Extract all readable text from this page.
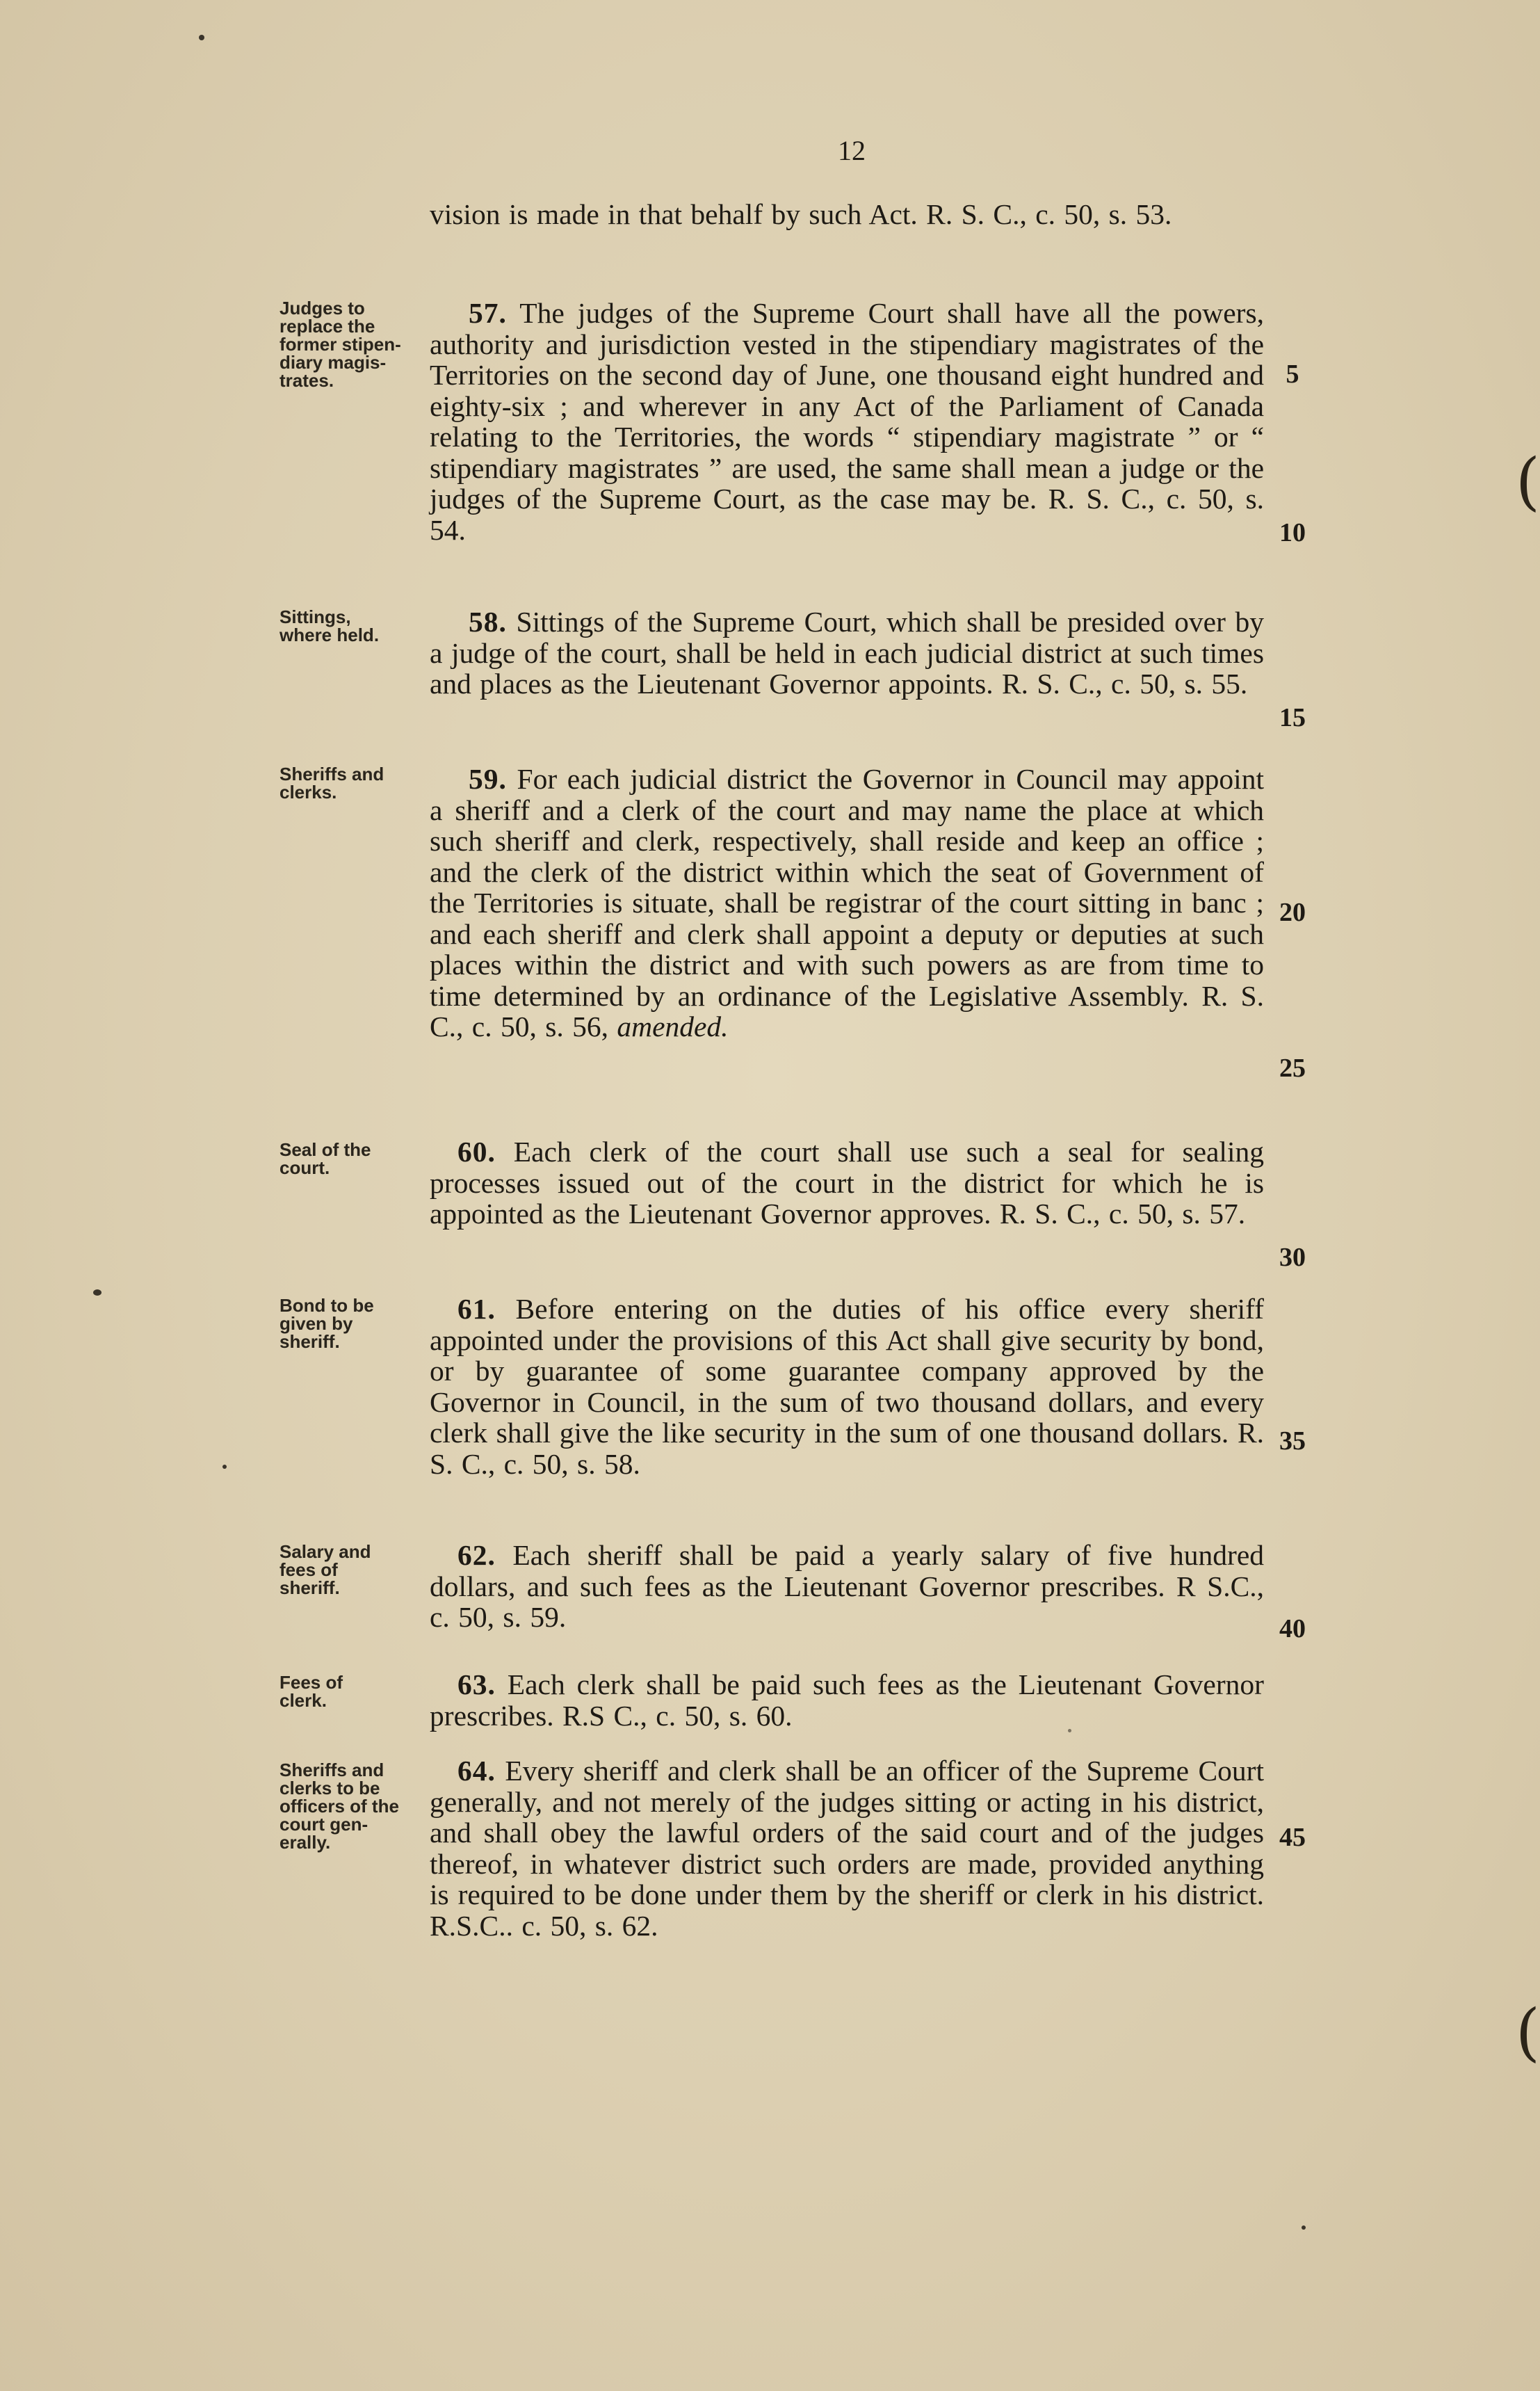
12
vision is made in that behalf by such Act. R. S. C., c. 50, s. 53.
Judges to
replace the
former stipen-
diary magis-
trates.
57. The judges of the Supreme Court shall have all the powers, authority and jurisdiction vested in the stipendiary magistrates of the Territories on the second day of June, one thousand eight hundred and eighty-six ; and wherever in any Act of the Parliament of Canada relating to the Territories, the words “ stipendiary magistrate ” or “ stipendiary magistrates ” are used, the same shall mean a judge or the judges of the Supreme Court, as the case may be. R. S. C., c. 50, s. 54.
Sittings,
where held.	58. Sittings of the Supreme Court, which shall be presided over by a judge of the court, shall be held in each judicial district at such times and places as the Lieutenant Governor appoints. R. S. C., c. 50, s. 55.
Sheriffs and
clerks.	59. For each judicial district the Governor in Council may appoint a sheriff and a clerk of the court and may name the place at which such sheriff and clerk, respectively, shall reside and keep an office ; and the clerk of the district within which the seat of Government of the Territories is situate, shall be registrar of the court sitting in banc ; and each sheriff and clerk shall appoint a deputy or deputies at such places within the district and with such powers as are from time to time determined by an ordinance of the Legislative Assembly. R. S. C., c. 50, s. 56, amended.
Seal of the
court.	60. Each clerk of the court shall use such a seal for sealing processes issued out of the court in the district for which he is appointed as the Lieutenant Governor approves. R. S. C., c. 50, s. 57.
Bond to be
given by
sheriff.
61. Before entering on the duties of his office every sheriff appointed under the provisions of this Act shall give security by bond, or by guarantee of some guarantee company approved by the Governor in Council, in the sum of two thousand dollars, and every clerk shall give the like security in the sum of one thousand dollars. R. S. C., c. 50, s. 58.
Salary and
fees of
sheriff.
62. Each sheriff shall be paid a yearly salary of five hundred dollars, and such fees as the Lieutenant Governor prescribes. R S.C., c. 50, s. 59.
Fees of
clerk.	63. Each clerk shall be paid such fees as the Lieutenant Governor prescribes. R.S C., c. 50, s. 60.
Sheriffs and
clerks to be
officers of the
court gen-
erally.
64. Every sheriff and clerk shall be an officer of the Supreme Court generally, and not merely of the judges sitting or acting in his district, and shall obey the lawful orders of the said court and of the judges thereof, in whatever district such orders are made, provided anything is required to be done under them by the sheriff or clerk in his district. R.S.C.. c. 50, s. 62.
5
10
15
20
25
30
35
40
45
(
(
